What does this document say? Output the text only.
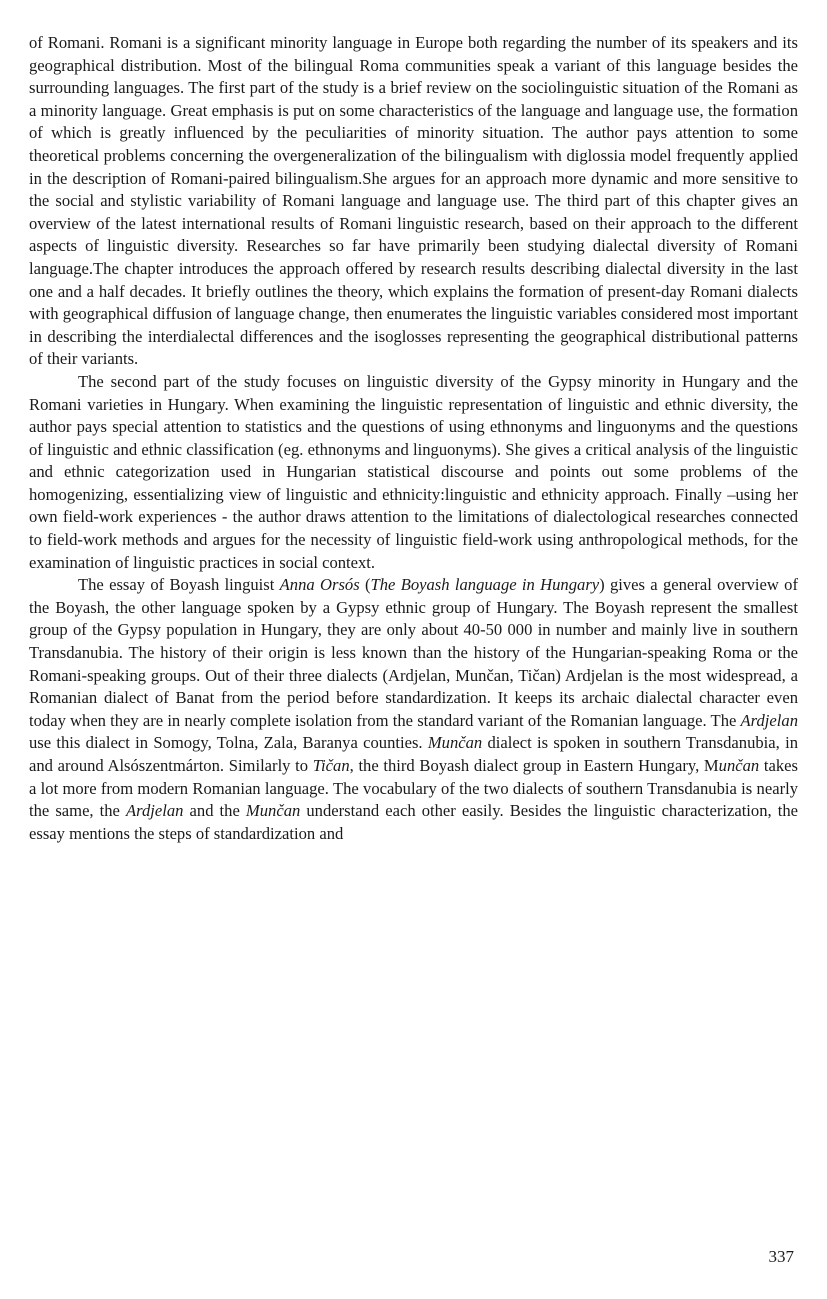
of Romani. Romani is a significant minority language in Europe both regarding the number of its speakers and its geographical distribution. Most of the bilingual Roma communities speak a variant of this language besides the surrounding languages. The first part of the study is a brief review on the sociolinguistic situation of the Romani as a minority language. Great emphasis is put on some characteristics of the language and language use, the formation of which is greatly influenced by the peculiarities of minority situation. The author pays attention to some theoretical problems concerning the overgeneralization of the bilingualism with diglossia model frequently applied in the description of Romani-paired bilingualism.She argues for an approach more dynamic and more sensitive to the social and stylistic variability of Romani language and language use. The third part of this chapter gives an overview of the latest international results of Romani linguistic research, based on their approach to the different aspects of linguistic diversity. Researches so far have primarily been studying dialectal diversity of Romani language.The chapter introduces the approach offered by research results describing dialectal diversity in the last one and a half decades. It briefly outlines the theory, which explains the formation of present-day Romani dialects with geographical diffusion of language change, then enumerates the linguistic variables considered most important in describing the interdialectal differences and the isoglosses representing the geographical distributional patterns of their variants.

The second part of the study focuses on linguistic diversity of the Gypsy minority in Hungary and the Romani varieties in Hungary. When examining the linguistic representation of linguistic and ethnic diversity, the author pays special attention to statistics and the questions of using ethnonyms and linguonyms and the questions of linguistic and ethnic classification (eg. ethnonyms and linguonyms). She gives a critical analysis of the linguistic and ethnic categorization used in Hungarian statistical discourse and points out some problems of the homogenizing, essentializing view of linguistic and ethnicity:linguistic and ethnicity approach. Finally –using her own field-work experiences - the author draws attention to the limitations of dialectological researches connected to field-work methods and argues for the necessity of linguistic field-work using anthropological methods, for the examination of linguistic practices in social context.

The essay of Boyash linguist Anna Orsós (The Boyash language in Hungary) gives a general overview of the Boyash, the other language spoken by a Gypsy ethnic group of Hungary. The Boyash represent the smallest group of the Gypsy population in Hungary, they are only about 40-50 000 in number and mainly live in southern Transdanubia. The history of their origin is less known than the history of the Hungarian-speaking Roma or the Romani-speaking groups. Out of their three dialects (Ardjelan, Munčan, Tičan) Ardjelan is the most widespread, a Romanian dialect of Banat from the period before standardization. It keeps its archaic dialectal character even today when they are in nearly complete isolation from the standard variant of the Romanian language. The Ardjelan use this dialect in Somogy, Tolna, Zala, Baranya counties. Munčan dialect is spoken in southern Transdanubia, in and around Alsószentmárton. Similarly to Tičan, the third Boyash dialect group in Eastern Hungary, Munčan takes a lot more from modern Romanian language. The vocabulary of the two dialects of southern Transdanubia is nearly the same, the Ardjelan and the Munčan understand each other easily. Besides the linguistic characterization, the essay mentions the steps of standardization and

337
